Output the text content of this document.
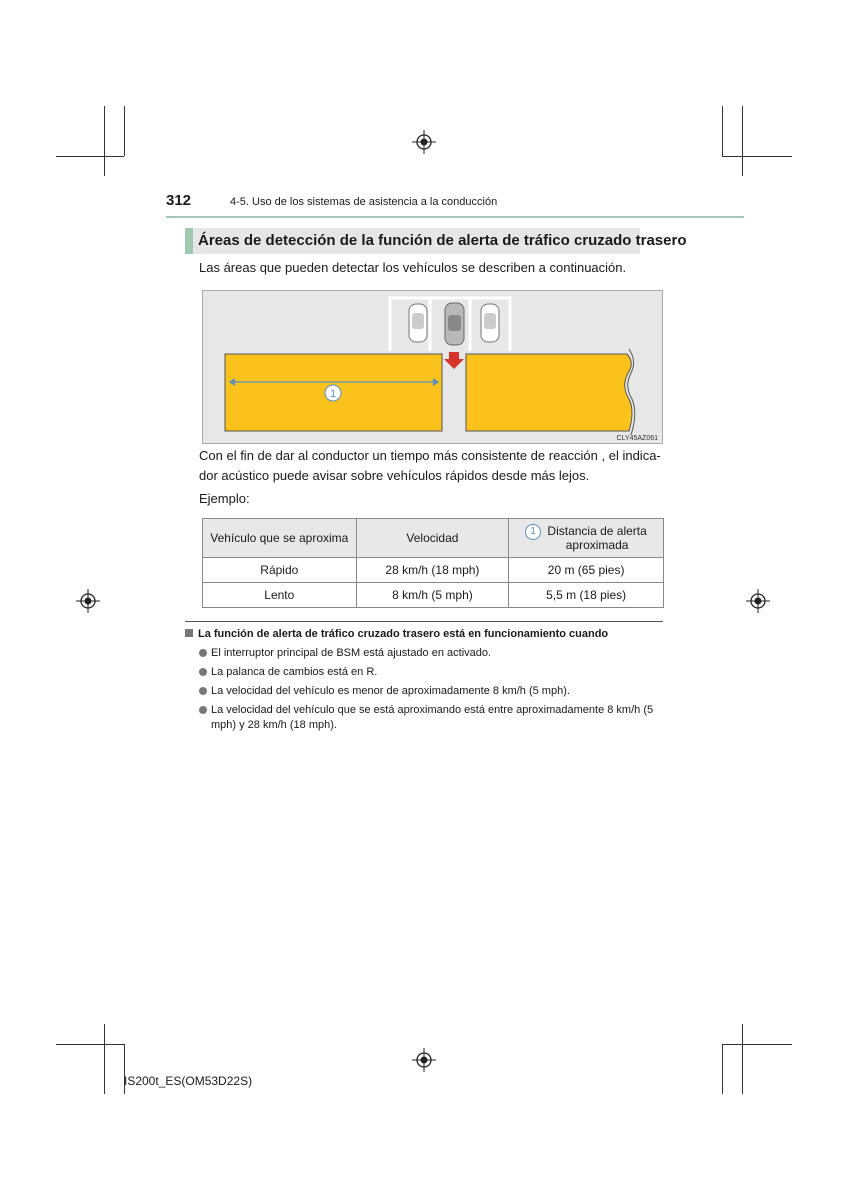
312	4-5. Uso de los sistemas de asistencia a la conducción
Áreas de detección de la función de alerta de tráfico cruzado trasero
Las áreas que pueden detectar los vehículos se describen a continuación.
1
CLY45AZ061
Con el fin de dar al conductor un tiempo más consistente de reacción , el indica-dor acústico puede avisar sobre vehículos rápidos desde más lejos.
Ejemplo:
Vehículo que se aproxima	Velocidad	1 Distancia de alerta aproximada

Rápido	28 km/h (18 mph)	20 m (65 pies)
Lento	8 km/h (5 mph)	5,5 m (18 pies)
La función de alerta de tráfico cruzado trasero está en funcionamiento cuando
El interruptor principal de BSM está ajustado en activado.
La palanca de cambios está en R.
La velocidad del vehículo es menor de aproximadamente 8 km/h (5 mph).
La velocidad del vehículo que se está aproximando está entre aproximadamente 8 km/h (5 mph) y 28 km/h (18 mph).
IS200t_ES(OM53D22S)
